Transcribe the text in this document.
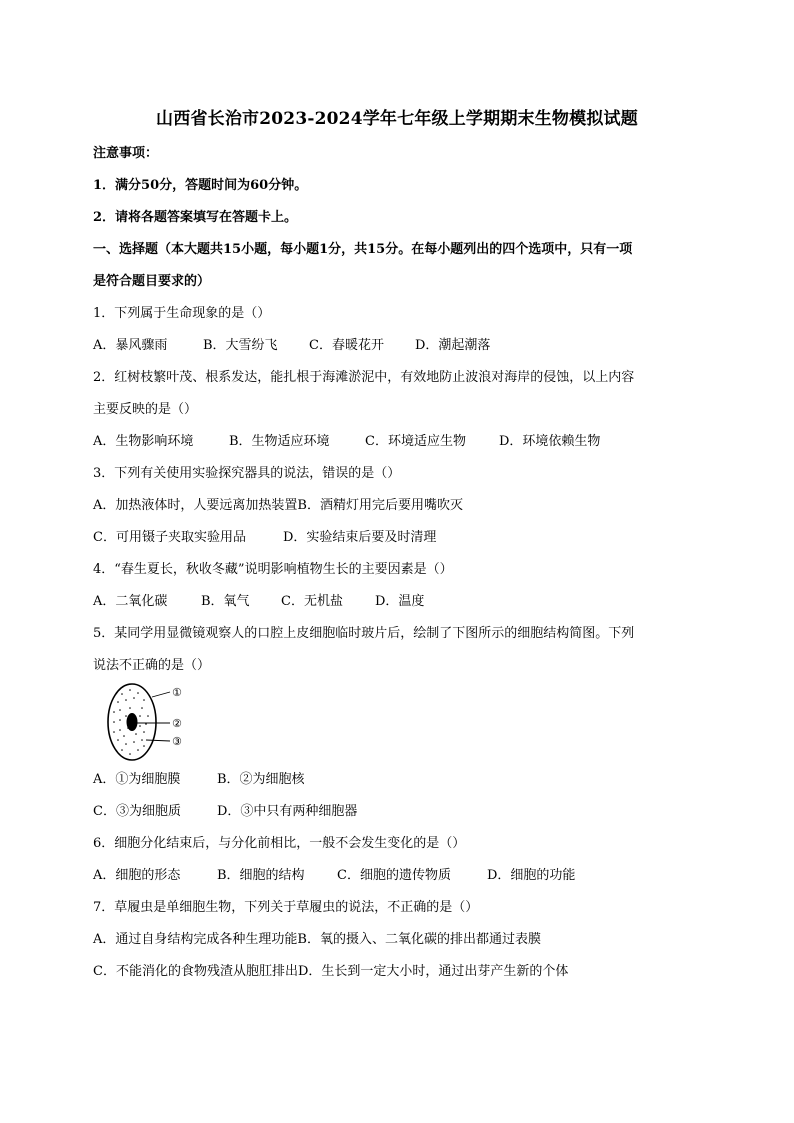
山西省长治市2023-2024学年七年级上学期期末生物模拟试题
注意事项：
1．满分50分，答题时间为60分钟。
2．请将各题答案填写在答题卡上。
一、选择题（本大题共15小题，每小题1分，共15分。在每小题列出的四个选项中，只有一项
是符合题目要求的）
1．下列属于生命现象的是（）
A．暴风骤雨	B．大雪纷飞 C．春暖花开 D．潮起潮落
2．红树枝繁叶茂、根系发达，能扎根于海滩淤泥中，有效地防止波浪对海岸的侵蚀，以上内容
主要反映的是（）
A．生物影响环境	B．生物适应环境	C．环境适应生物	D．环境依赖生物
3．下列有关使用实验探究器具的说法，错误的是（）
A．加热液体时，人要远离加热装置B．酒精灯用完后要用嘴吹灭
C．可用镊子夹取实验用品	D．实验结束后要及时清理
4．“春生夏长，秋收冬藏”说明影响植物生长的主要因素是（）
A．二氧化碳	B．氧气 C．无机盐 D．温度
5．某同学用显微镜观察人的口腔上皮细胞临时玻片后，绘制了下图所示的细胞结构简图。下列
说法不正确的是（）
①
②
③
A．①为细胞膜	B．②为细胞核
C．③为细胞质	D．③中只有两种细胞器
6．细胞分化结束后，与分化前相比，一般不会发生变化的是（）
A．细胞的形态	B．细胞的结构 C．细胞的遗传物质	D．细胞的功能
7．草履虫是单细胞生物，下列关于草履虫的说法，不正确的是（）
A．通过自身结构完成各种生理功能B．氧的摄入、二氧化碳的排出都通过表膜
C．不能消化的食物残渣从胞肛排出D．生长到一定大小时，通过出芽产生新的个体
